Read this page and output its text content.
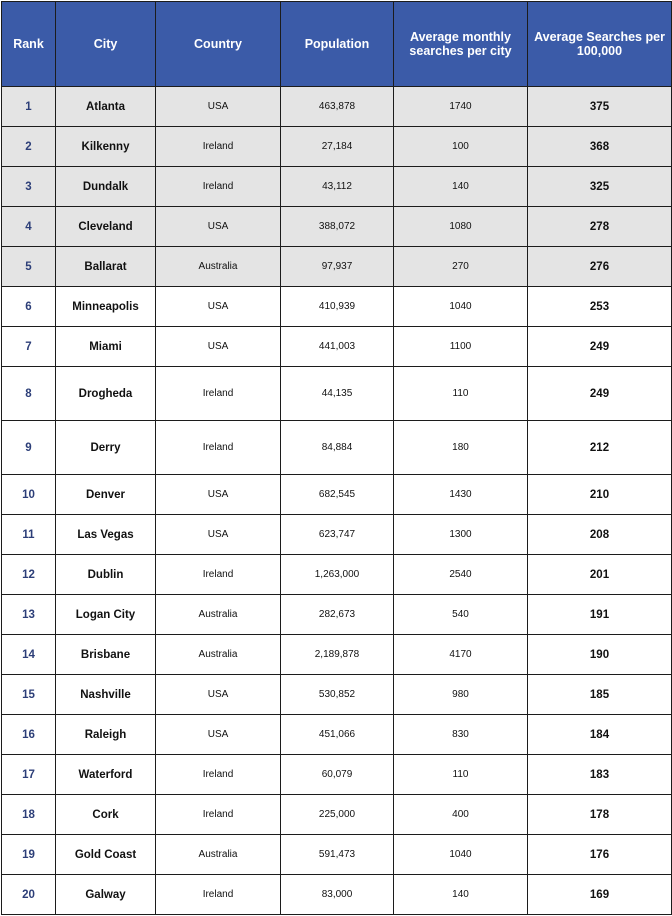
Rank	City	Country	Population	Average monthly searches per city	Average Searches per 100,000
1	Atlanta	USA	463,878	1740	375
2	Kilkenny	Ireland	27,184	100	368
3	Dundalk	Ireland	43,112	140	325
4	Cleveland	USA	388,072	1080	278
5	Ballarat	Australia	97,937	270	276
6	Minneapolis	USA	410,939	1040	253
7	Miami	USA	441,003	1100	249
8	Drogheda	Ireland	44,135	110	249
9	Derry	Ireland	84,884	180	212
10	Denver	USA	682,545	1430	210
11	Las Vegas	USA	623,747	1300	208
12	Dublin	Ireland	1,263,000	2540	201
13	Logan City	Australia	282,673	540	191
14	Brisbane	Australia	2,189,878	4170	190
15	Nashville	USA	530,852	980	185
16	Raleigh	USA	451,066	830	184
17	Waterford	Ireland	60,079	110	183
18	Cork	Ireland	225,000	400	178
19	Gold Coast	Australia	591,473	1040	176
20	Galway	Ireland	83,000	140	169
